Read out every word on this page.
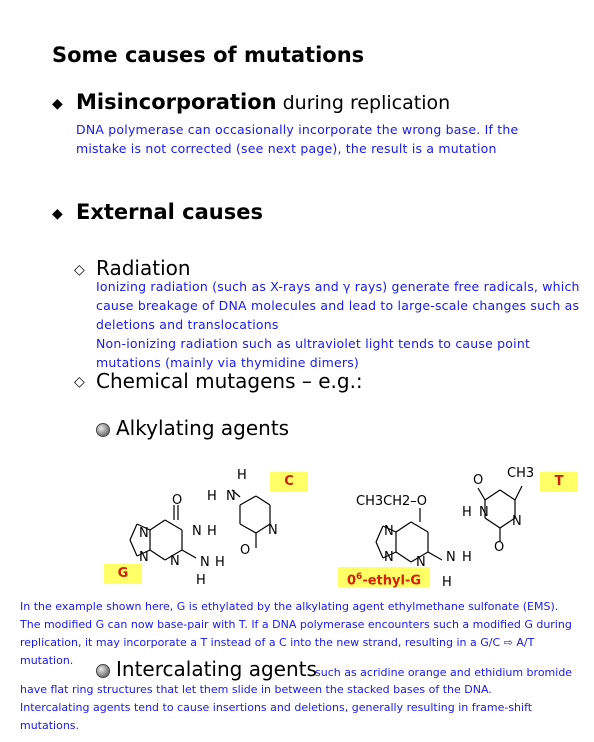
Some causes of mutations
◆ Misincorporation during replication
DNA polymerase can occasionally incorporate the wrong base. If the
mistake is not corrected (see next page), the result is a mutation
◆ External causes
◇ Radiation
Ionizing radiation (such as X-rays and γ rays) generate free radicals, which
cause breakage of DNA molecules and lead to large-scale changes such as
deletions and translocations
Non-ionizing radiation such as ultraviolet light tends to cause point
mutations (mainly via thymidine dimers)
◇ Chemical mutagens – e.g.:
Alkylating agents
C	T
G	$0^6-ethyl-G$
H
H N
O
N H
O
N
N H
H
N
N N
CH3CH2–O
N
N N N H
H
CH3
O
H N
N
O
In the example shown here, G is ethylated by the alkylating agent ethylmethane sulfonate (EMS).
The modified G can now base-pair with T. If a DNA polymerase encounters such a modified G during
replication, it may incorporate a T instead of a C into the new strand, resulting in a G/C ⇨ A/T
mutation.	Intercalating agents
such as acridine orange and ethidium bromide
have flat ring structures that let them slide in between the stacked bases of the DNA.
Intercalating agents tend to cause insertions and deletions, generally resulting in frame-shift
mutations.
